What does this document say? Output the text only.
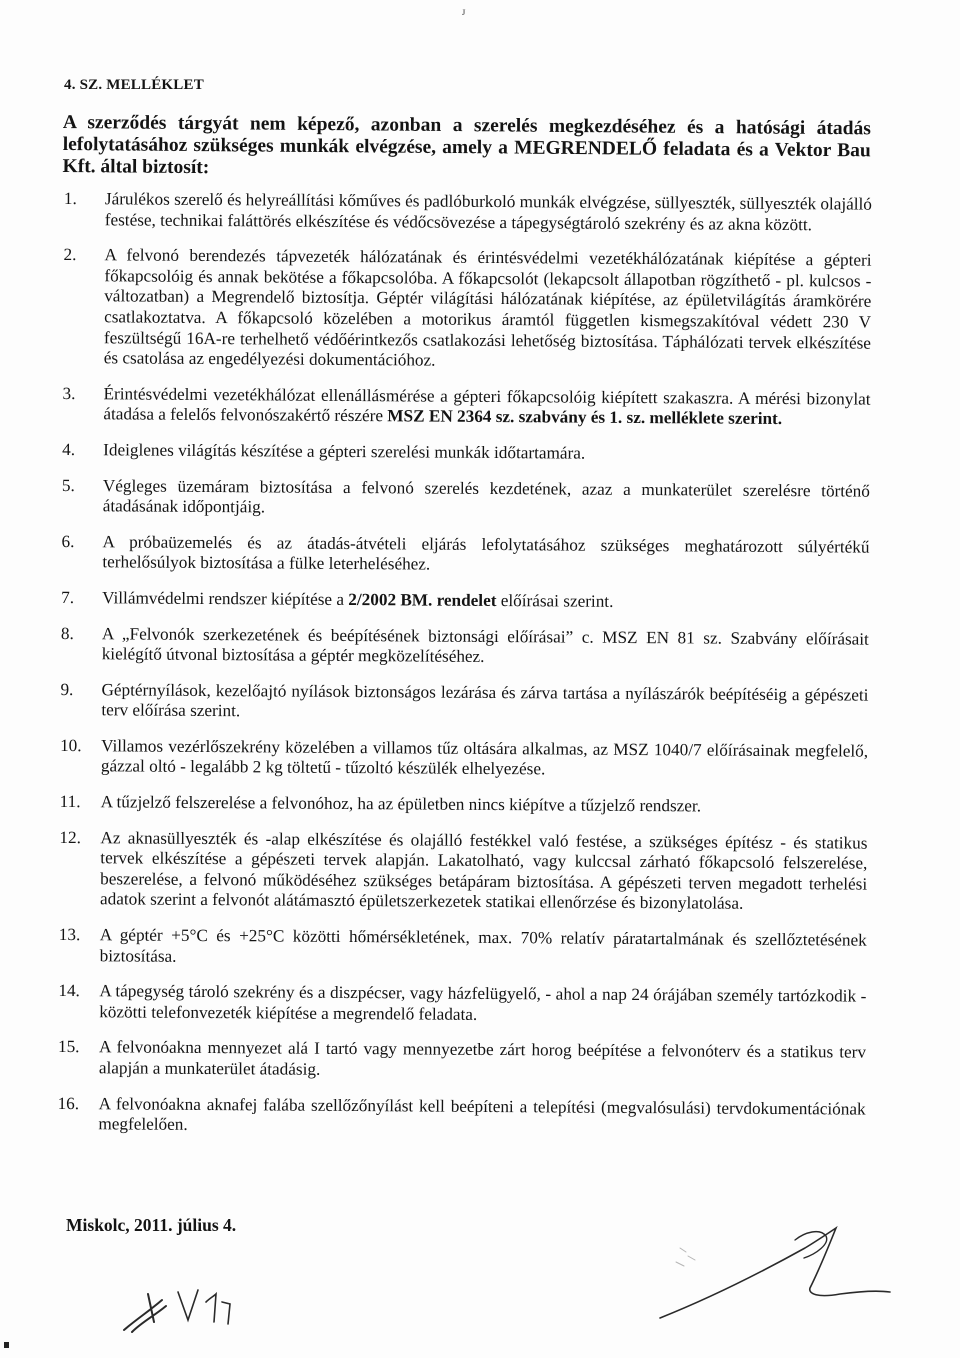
ᴊ
4. SZ. MELLÉKLET
A szerződés tárgyát nem képező, azonban a szerelés megkezdéséhez és a hatósági átadás lefolytatásához szükséges munkák elvégzése, amely a MEGRENDELŐ feladata és a Vektor Bau Kft. által biztosít:
1.	Járulékos szerelő és helyreállítási kőműves és padlóburkoló munkák elvégzése, süllyeszték, süllyeszték olajálló festése, technikai faláttörés elkészítése és védőcsövezése a tápegységtároló szekrény és az akna között.
2.	A felvonó berendezés tápvezeték hálózatának és érintésvédelmi vezetékhálózatának kiépítése a gépteri főkapcsolóig és annak bekötése a főkapcsolóba. A főkapcsolót (lekapcsolt állapotban rögzíthető - pl. kulcsos - változatban) a Megrendelő biztosítja. Géptér világítási hálózatának kiépítése, az épületvilágítás áramkörére csatlakoztatva. A főkapcsoló közelében a motorikus áramtól független kismegszakítóval védett 230 V feszültségű 16A-re terhelhető védőérintkezős csatlakozási lehetőség biztosítása. Táphálózati tervek elkészítése és csatolása az engedélyezési dokumentációhoz.
3.	Érintésvédelmi vezetékhálózat ellenállásmérése a gépteri főkapcsolóig kiépített szakaszra. A mérési bizonylat átadása a felelős felvonószakértő részére MSZ EN 2364 sz. szabvány és 1. sz. melléklete szerint.
4.	Ideiglenes világítás készítése a gépteri szerelési munkák időtartamára.
5.	Végleges üzemáram biztosítása a felvonó szerelés kezdetének, azaz a munkaterület szerelésre történő átadásának időpontjáig.
6.	A próbaüzemelés és az átadás-átvételi eljárás lefolytatásához szükséges meghatározott súlyértékű terhelősúlyok biztosítása a fülke leterheléséhez.
7.	Villámvédelmi rendszer kiépítése a 2/2002 BM. rendelet előírásai szerint.
8.	A „Felvonók szerkezetének és beépítésének biztonsági előírásai” c. MSZ EN 81 sz. Szabvány előírásait kielégítő útvonal biztosítása a géptér megközelítéséhez.
9.	Géptérnyílások, kezelőajtó nyílások biztonságos lezárása és zárva tartása a nyílászárók beépítéséig a gépészeti terv előírása szerint.
10.	Villamos vezérlőszekrény közelében a villamos tűz oltására alkalmas, az MSZ 1040/7 előírásainak megfelelő, gázzal oltó - legalább 2 kg töltetű - tűzoltó készülék elhelyezése.
11.	A tűzjelző felszerelése a felvonóhoz, ha az épületben nincs kiépítve a tűzjelző rendszer.
12.	Az aknasüllyeszték és -alap elkészítése és olajálló festékkel való festése, a szükséges építész - és statikus tervek elkészítése a gépészeti tervek alapján. Lakatolható, vagy kulccsal zárható főkapcsoló felszerelése, beszerelése, a felvonó működéséhez szükséges betápáram biztosítása. A gépészeti terven megadott terhelési adatok szerint a felvonót alátámasztó épületszerkezetek statikai ellenőrzése és bizonylatolása.
13.	A géptér +5°C és +25°C közötti hőmérsékletének, max. 70% relatív páratartalmának és szellőztetésének biztosítása.
14.	A tápegység tároló szekrény és a diszpécser, vagy házfelügyelő, - ahol a nap 24 órájában személy tartózkodik - közötti telefonvezeték kiépítése a megrendelő feladata.
15.	A felvonóakna mennyezet alá I tartó vagy mennyezetbe zárt horog beépítése a felvonóterv és a statikus terv alapján a munkaterület átadásig.
16.	A felvonóakna aknafej falába szellőzőnyílást kell beépíteni a telepítési (megvalósulási) tervdokumentációnak megfelelően.
Miskolc, 2011. július 4.
